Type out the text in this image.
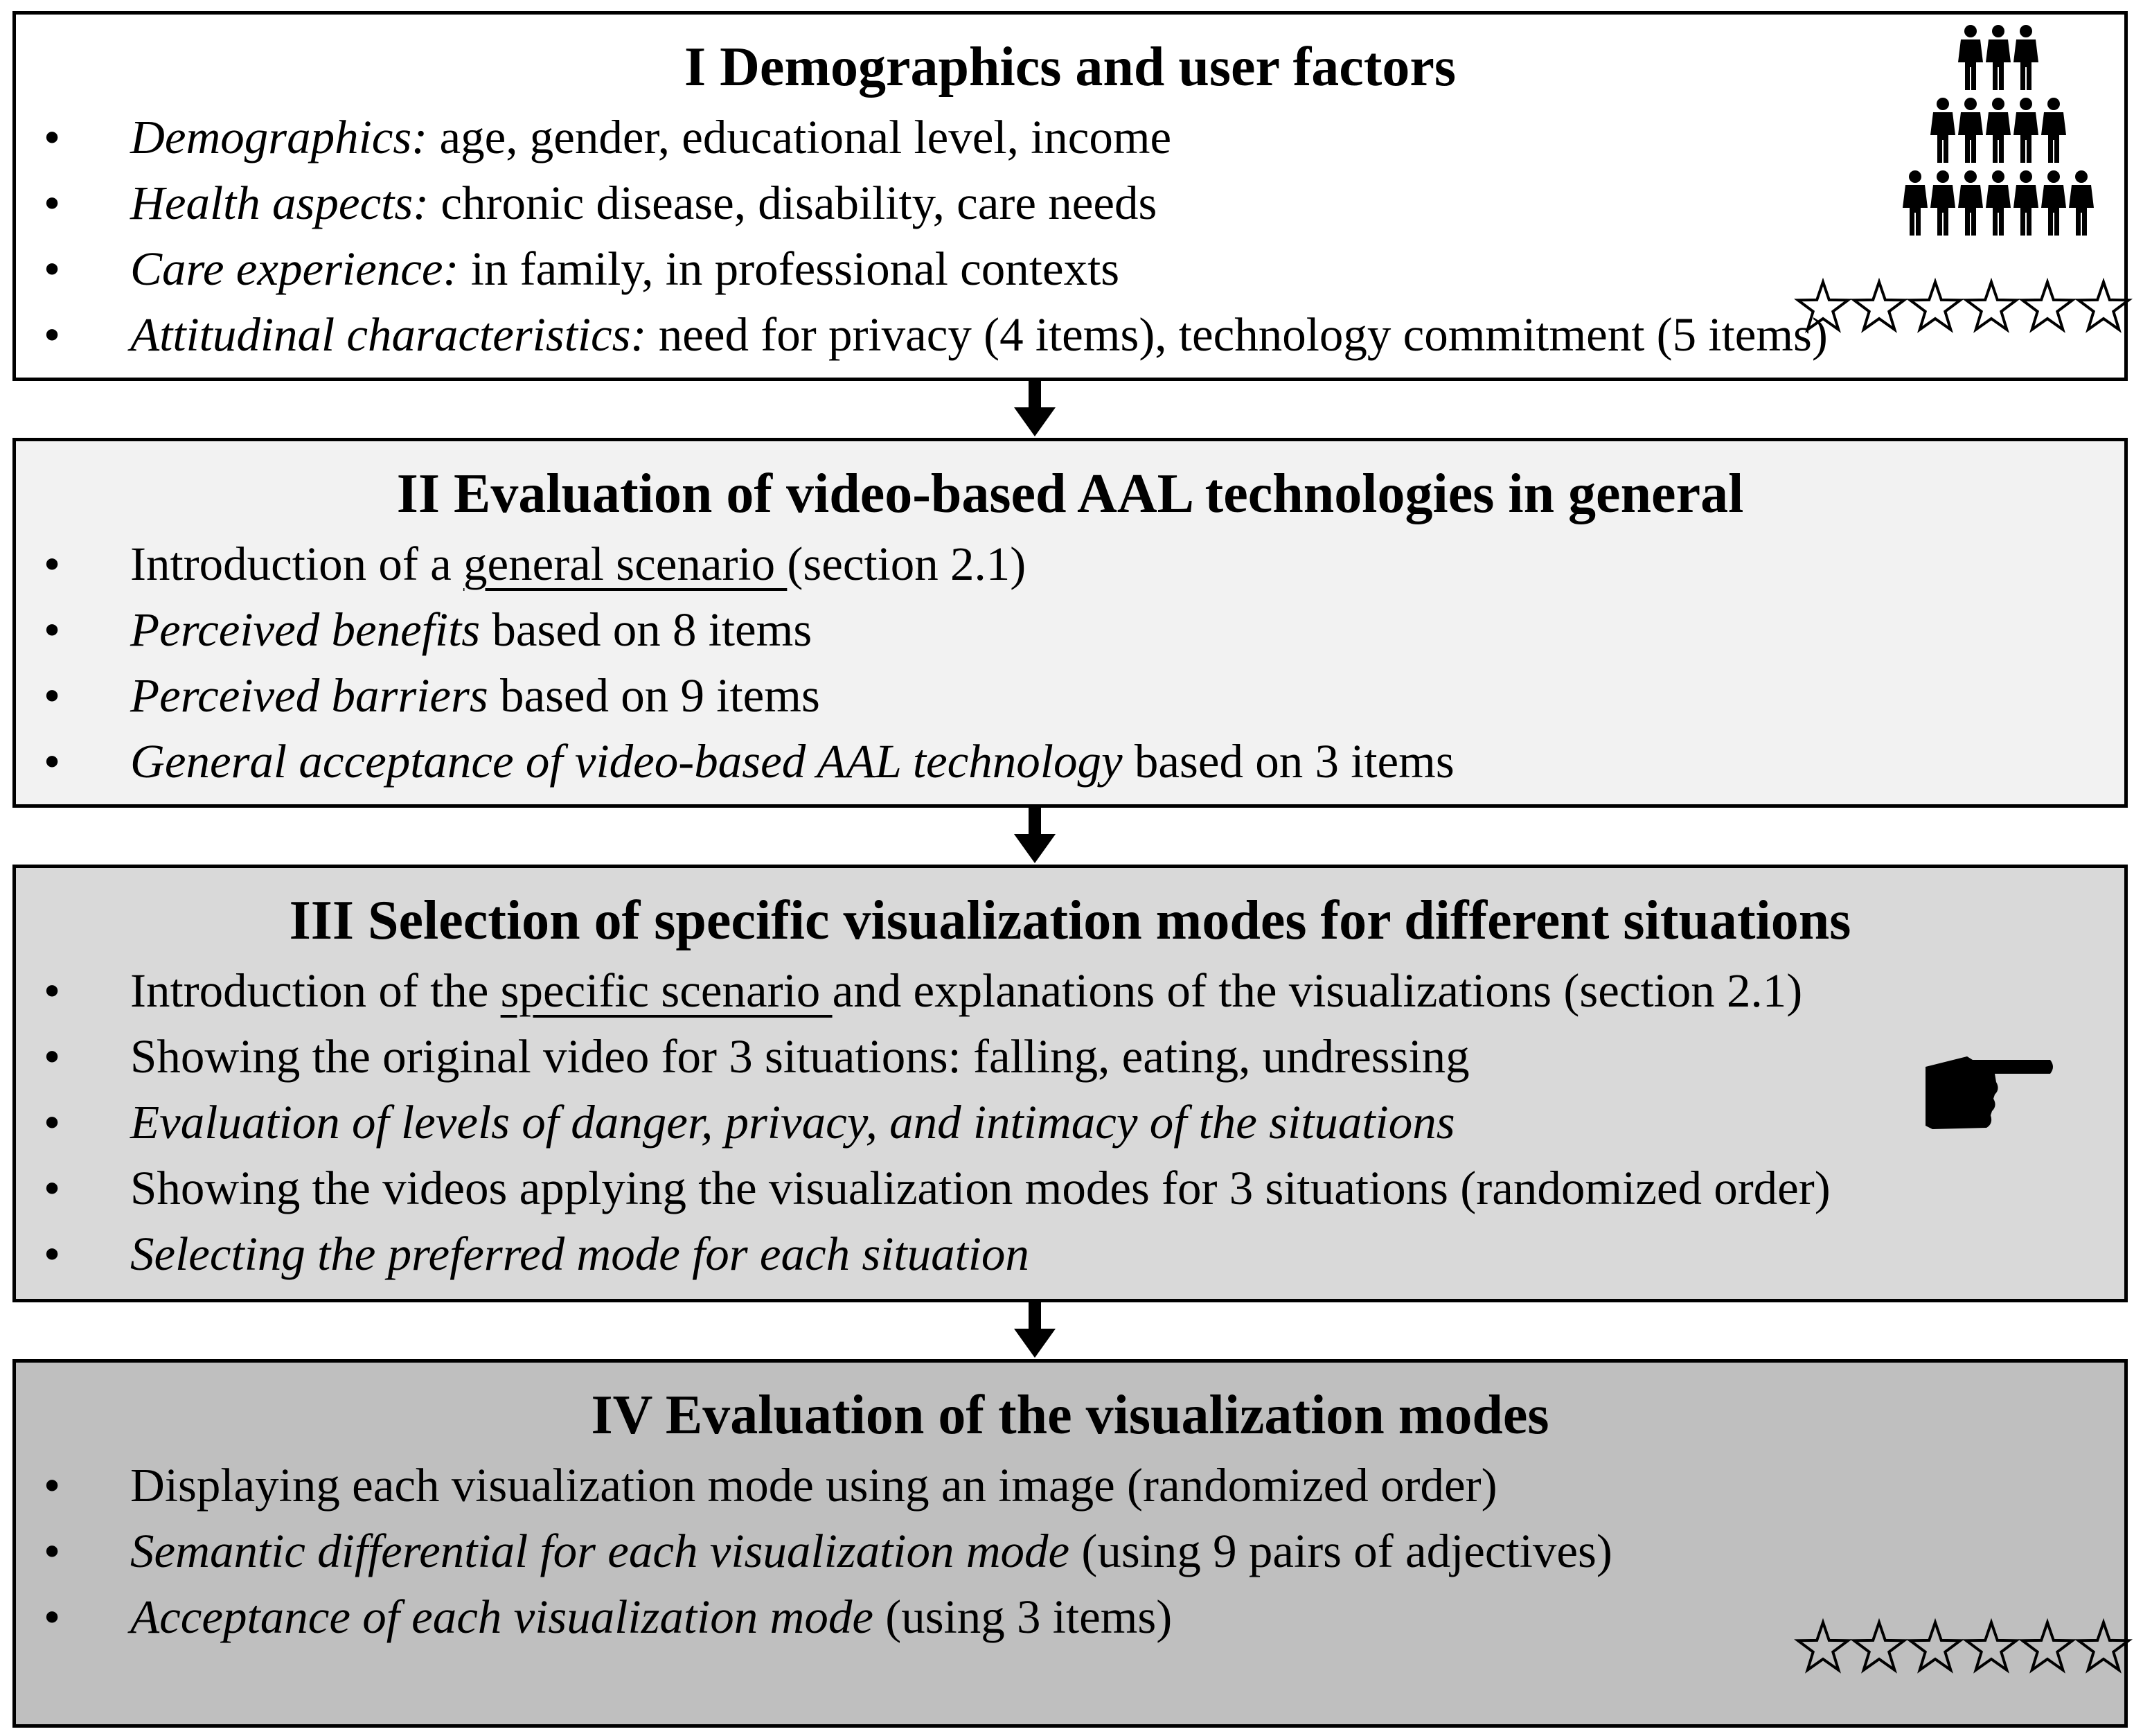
I Demographics and user factors
• Demographics: age, gender, educational level, income
• Health aspects: chronic disease, disability, care needs
• Care experience: in family, in professional contexts
• Attitudinal characteristics: need for privacy (4 items), technology commitment (5 items)
II Evaluation of video-based AAL technologies in general
• Introduction of a general scenario (section 2.1)
• Perceived benefits based on 8 items
• Perceived barriers based on 9 items
• General acceptance of video-based AAL technology based on 3 items
III Selection of specific visualization modes for different situations
• Introduction of the specific scenario and explanations of the visualizations (section 2.1)
• Showing the original video for 3 situations: falling, eating, undressing
• Evaluation of levels of danger, privacy, and intimacy of the situations
• Showing the videos applying the visualization modes for 3 situations (randomized order)
• Selecting the preferred mode for each situation
IV Evaluation of the visualization modes
• Displaying each visualization mode using an image (randomized order)
• Semantic differential for each visualization mode (using 9 pairs of adjectives)
• Acceptance of each visualization mode (using 3 items)
